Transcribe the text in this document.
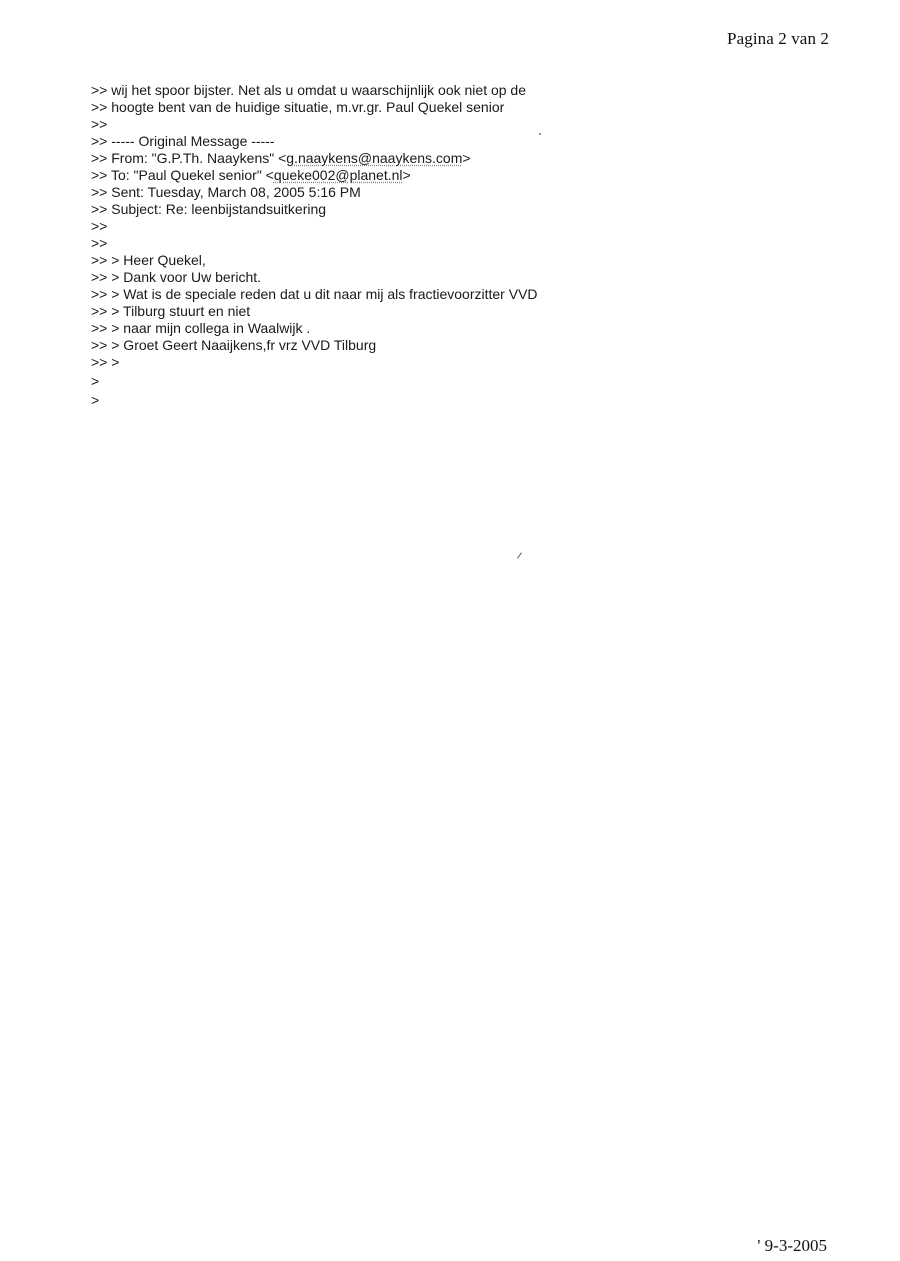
Pagina 2 van 2
>> wij het spoor bijster. Net als u omdat u waarschijnlijk ook niet op de
>> hoogte bent van de huidige situatie, m.vr.gr. Paul Quekel senior
>>
>> ----- Original Message -----
>> From: "G.P.Th. Naaykens" <g.naaykens@naaykens.com>
>> To: "Paul Quekel senior" <queke002@planet.nl>
>> Sent: Tuesday, March 08, 2005 5:16 PM
>> Subject: Re: leenbijstandsuitkering
>>
>>
>> > Heer Quekel,
>> > Dank voor Uw bericht.
>> > Wat is de speciale reden dat u dit naar mij als fractievoorzitter VVD
>> > Tilburg stuurt en niet
>> > naar mijn collega in Waalwijk .
>> > Groet Geert Naaijkens,fr vrz VVD Tilburg
>> >
>
>
' 9-3-2005
